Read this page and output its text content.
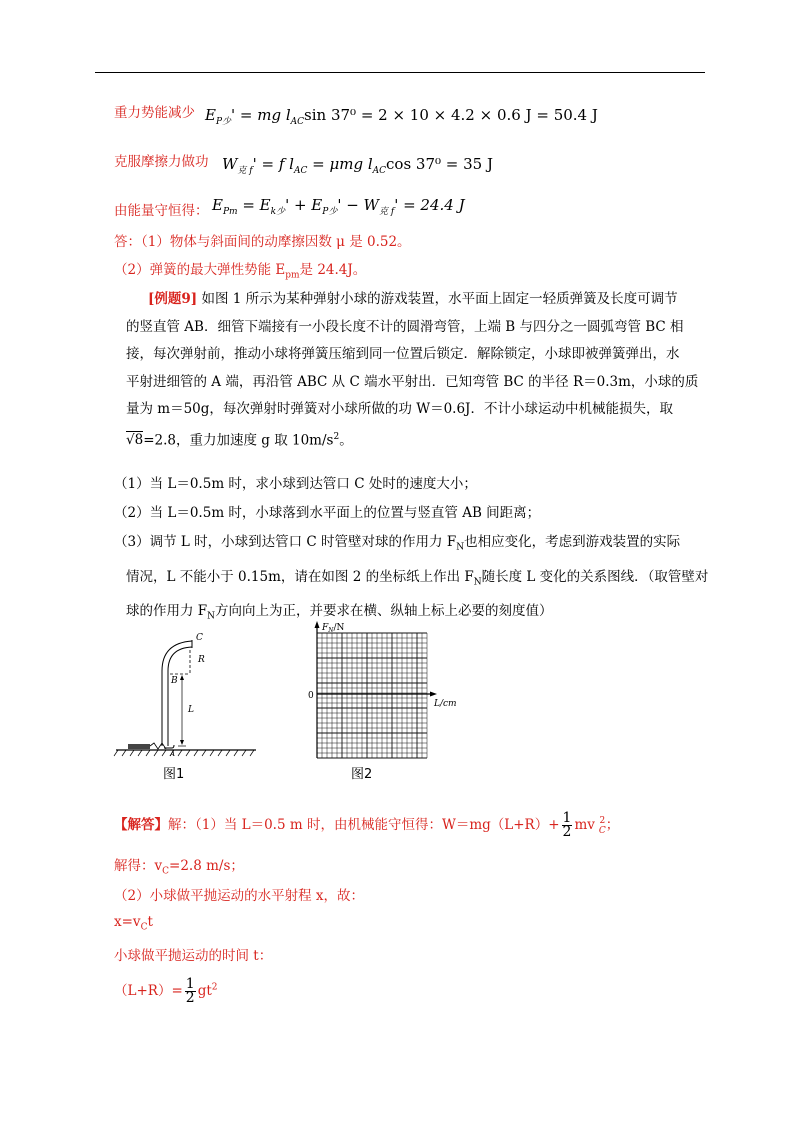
重力势能减少 $E_{P少}'$ = mg $l_{AC}\sin$ 37⁰ = 2 × 10 × 4.2 × 0.6 J = 50.4 J
克服摩擦力做功 $W_{克 f}' = f$ $l_{AC} = \mu mg$ $l_{AC}\cos$ 37⁰ = 35 J
由能量守恒得： $E_{Pm} = E_{k少}' + E_{P少}' - W_{克 f}' = 24.4$ J
答：（1）物体与斜面间的动摩擦因数 μ 是 0.52。
（2）弹簧的最大弹性势能 $E_{pm}$是 24.4J。

[例题9] 如图 1 所示为某种弹射小球的游戏装置，水平面上固定一轻质弹簧及长度可调节

的竖直管 AB．细管下端接有一小段长度不计的圆滑弯管，上端 B 与四分之一圆弧弯管 BC 相

接，每次弹射前，推动小球将弹簧压缩到同一位置后锁定．解除锁定，小球即被弹簧弹出，水

平射进细管的 A 端，再沿管 ABC 从 C 端水平射出．已知弯管 BC 的半径 R＝0.3m，小球的质

量为 m＝50g，每次弹射时弹簧对小球所做的功 W＝0.6J．不计小球运动中机械能损失，取

√8=2.8，重力加速度 g 取 $10m/s^2$。

（1）当 L＝0.5m 时，求小球到达管口 C 处时的速度大小；

（2）当 L＝0.5m 时，小球落到水平面上的位置与竖直管 AB 间距离；

（3）调节 L 时，小球到达管口 C 时管壁对球的作用力 $F_N$也相应变化，考虑到游戏装置的实际

情况，L 不能小于 0.15m，请在如图 2 的坐标纸上作出 $F_N$随长度 L 变化的关系图线．（取管壁对

球的作用力 $F_N$方向向上为正，并要求在横、纵轴上标上必要的刻度值）

C
R
B
L
A
图1
$F_N/N$
0
L/cm
图2
【解答】解：（1）当 L＝0.5 m 时，由机械能守恒得：$W=mg(L+R)+ \frac{1}{2}$ mv 2
C ；
解得：$v_C=2.8$ m/s；
（2）小球做平抛运动的水平射程 x，故：
$x=v_Ct$
小球做平抛运动的时间 t：
$(L+R)= \frac{1}{2} gt^2$
